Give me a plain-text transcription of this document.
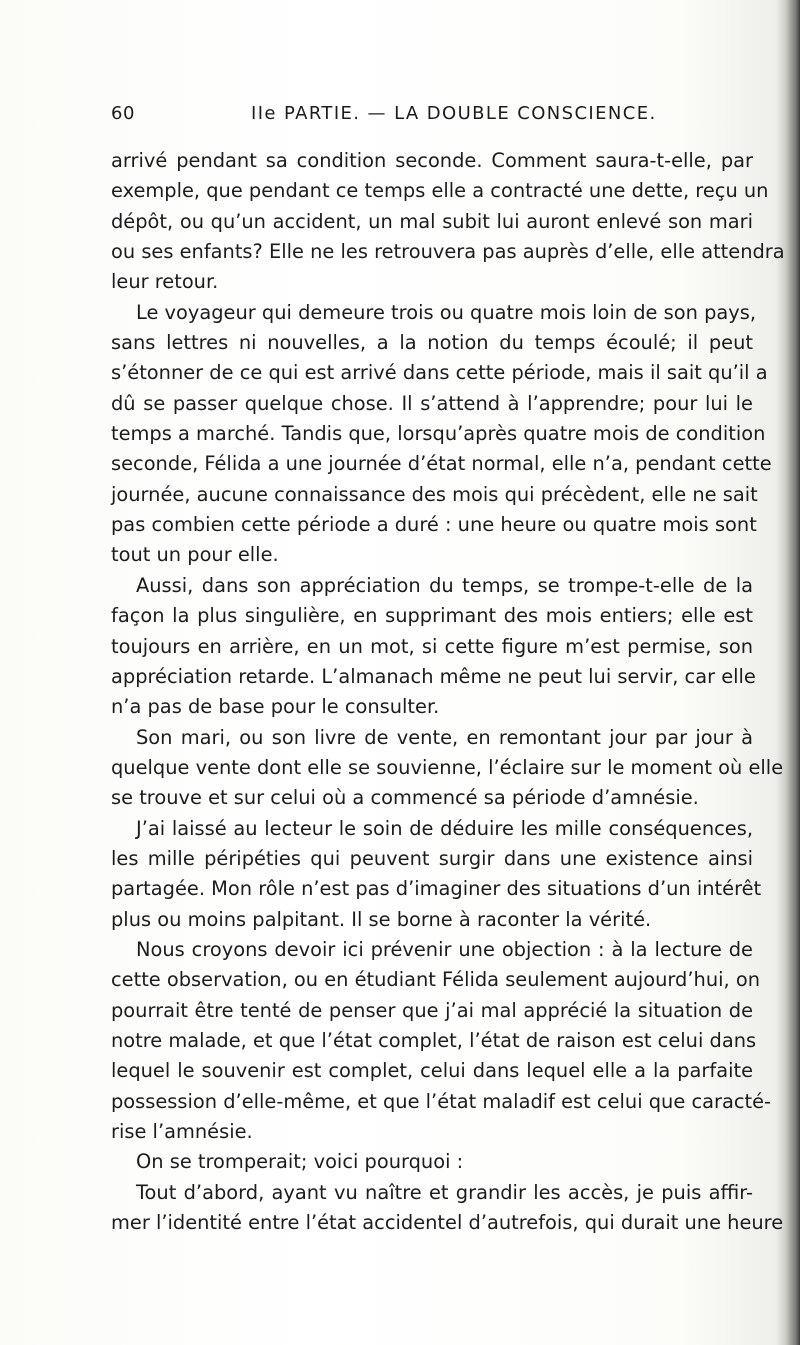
60	IIe PARTIE. — LA DOUBLE CONSCIENCE.
arrivé pendant sa condition seconde. Comment saura-t-elle, par
exemple, que pendant ce temps elle a contracté une dette, reçu un
dépôt, ou qu’un accident, un mal subit lui auront enlevé son mari
ou ses enfants? Elle ne les retrouvera pas auprès d’elle, elle attendra
leur retour.
Le voyageur qui demeure trois ou quatre mois loin de son pays,
sans lettres ni nouvelles, a la notion du temps écoulé; il peut
s’étonner de ce qui est arrivé dans cette période, mais il sait qu’il a
dû se passer quelque chose. Il s’attend à l’apprendre; pour lui le
temps a marché. Tandis que, lorsqu’après quatre mois de condition
seconde, Félida a une journée d’état normal, elle n’a, pendant cette
journée, aucune connaissance des mois qui précèdent, elle ne sait
pas combien cette période a duré : une heure ou quatre mois sont
tout un pour elle.
Aussi, dans son appréciation du temps, se trompe-t-elle de la
façon la plus singulière, en supprimant des mois entiers; elle est
toujours en arrière, en un mot, si cette figure m’est permise, son
appréciation retarde. L’almanach même ne peut lui servir, car elle
n’a pas de base pour le consulter.
Son mari, ou son livre de vente, en remontant jour par jour à
quelque vente dont elle se souvienne, l’éclaire sur le moment où elle
se trouve et sur celui où a commencé sa période d’amnésie.
J’ai laissé au lecteur le soin de déduire les mille conséquences,
les mille péripéties qui peuvent surgir dans une existence ainsi
partagée. Mon rôle n’est pas d’imaginer des situations d’un intérêt
plus ou moins palpitant. Il se borne à raconter la vérité.
Nous croyons devoir ici prévenir une objection : à la lecture de
cette observation, ou en étudiant Félida seulement aujourd’hui, on
pourrait être tenté de penser que j’ai mal apprécié la situation de
notre malade, et que l’état complet, l’état de raison est celui dans
lequel le souvenir est complet, celui dans lequel elle a la parfaite
possession d’elle-même, et que l’état maladif est celui que caracté-
rise l’amnésie.
On se tromperait; voici pourquoi :
Tout d’abord, ayant vu naître et grandir les accès, je puis affir-
mer l’identité entre l’état accidentel d’autrefois, qui durait une heure
